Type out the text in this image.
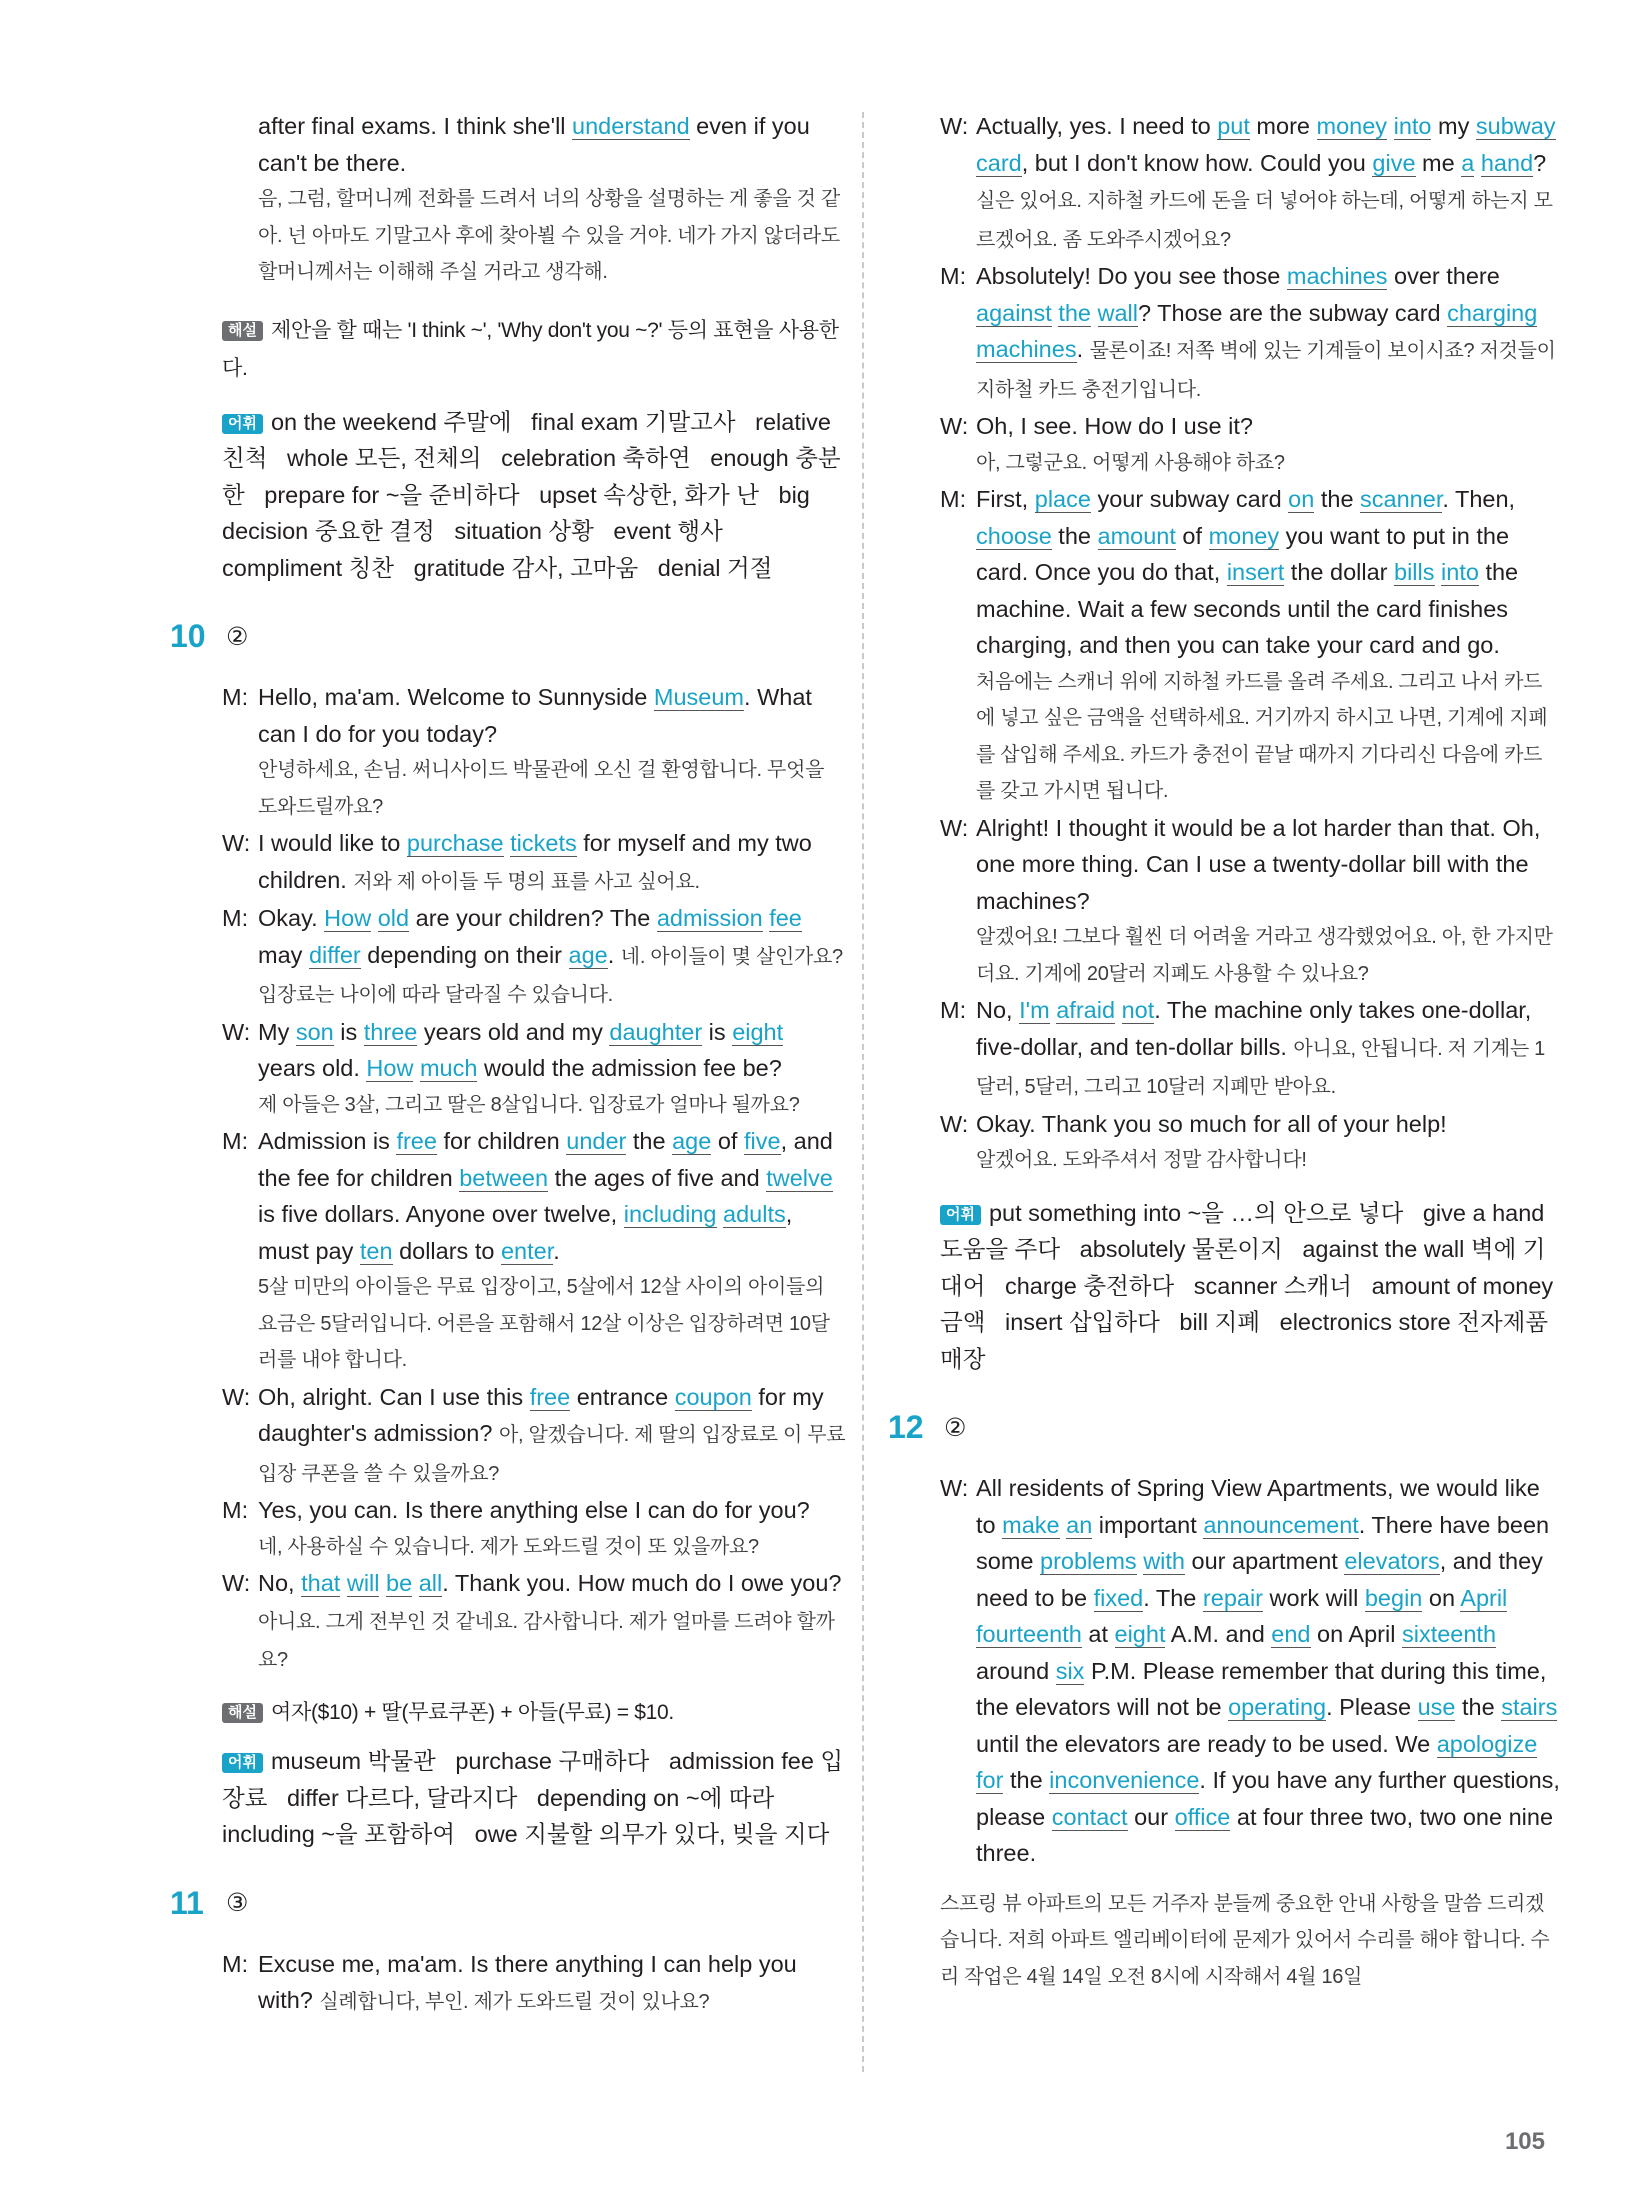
after final exams. I think she'll understand even if you can't be there.
음, 그럼, 할머니께 전화를 드려서 너의 상황을 설명하는 게 좋을 것 같아. 넌 아마도 기말고사 후에 찾아뵐 수 있을 거야. 네가 가지 않더라도 할머니께서는 이해해 주실 거라고 생각해.
해설 제안을 할 때는 'I think ~', 'Why don't you ~?' 등의 표현을 사용한다.
어휘 on the weekend 주말에   final exam 기말고사   relative 친척   whole 모든, 전체의   celebration 축하연   enough 충분한   prepare for ~을 준비하다   upset 속상한, 화가 난   big decision 중요한 결정   situation 상황   event 행사   compliment 칭찬   gratitude 감사, 고마움   denial 거절
10 ②
M: Hello, ma'am. Welcome to Sunnyside Museum. What can I do for you today?
안녕하세요, 손님. 써니사이드 박물관에 오신 걸 환영합니다. 무엇을 도와드릴까요?
W: I would like to purchase tickets for myself and my two children. 저와 제 아이들 두 명의 표를 사고 싶어요.
M: Okay. How old are your children? The admission fee may differ depending on their age. 네. 아이들이 몇 살인가요? 입장료는 나이에 따라 달라질 수 있습니다.
W: My son is three years old and my daughter is eight years old. How much would the admission fee be?
제 아들은 3살, 그리고 딸은 8살입니다. 입장료가 얼마나 될까요?
M: Admission is free for children under the age of five, and the fee for children between the ages of five and twelve is five dollars. Anyone over twelve, including adults, must pay ten dollars to enter.
5살 미만의 아이들은 무료 입장이고, 5살에서 12살 사이의 아이들의 요금은 5달러입니다. 어른을 포함해서 12살 이상은 입장하려면 10달러를 내야 합니다.
W: Oh, alright. Can I use this free entrance coupon for my daughter's admission? 아, 알겠습니다. 제 딸의 입장료로 이 무료 입장 쿠폰을 쓸 수 있을까요?
M: Yes, you can. Is there anything else I can do for you?
네, 사용하실 수 있습니다. 제가 도와드릴 것이 또 있을까요?
W: No, that will be all. Thank you. How much do I owe you? 아니요. 그게 전부인 것 같네요. 감사합니다. 제가 얼마를 드려야 할까요?
해설 여자($10) + 딸(무료쿠폰) + 아들(무료) = $10.
어휘 museum 박물관   purchase 구매하다   admission fee 입장료   differ 다르다, 달라지다   depending on ~에 따라   including ~을 포함하여   owe 지불할 의무가 있다, 빚을 지다
11 ③
M: Excuse me, ma'am. Is there anything I can help you with? 실례합니다, 부인. 제가 도와드릴 것이 있나요?
W: Actually, yes. I need to put more money into my subway card, but I don't know how. Could you give me a hand? 실은 있어요. 지하철 카드에 돈을 더 넣어야 하는데, 어떻게 하는지 모르겠어요. 좀 도와주시겠어요?
M: Absolutely! Do you see those machines over there against the wall? Those are the subway card charging machines. 물론이죠! 저쪽 벽에 있는 기계들이 보이시죠? 저것들이 지하철 카드 충전기입니다.
W: Oh, I see. How do I use it?
아, 그렇군요. 어떻게 사용해야 하죠?
M: First, place your subway card on the scanner. Then, choose the amount of money you want to put in the card. Once you do that, insert the dollar bills into the machine. Wait a few seconds until the card finishes charging, and then you can take your card and go.
처음에는 스캐너 위에 지하철 카드를 올려 주세요. 그리고 나서 카드에 넣고 싶은 금액을 선택하세요. 거기까지 하시고 나면, 기계에 지폐를 삽입해 주세요. 카드가 충전이 끝날 때까지 기다리신 다음에 카드를 갖고 가시면 됩니다.
W: Alright! I thought it would be a lot harder than that. Oh, one more thing. Can I use a twenty-dollar bill with the machines?
알겠어요! 그보다 훨씬 더 어려울 거라고 생각했었어요. 아, 한 가지만 더요. 기계에 20달러 지폐도 사용할 수 있나요?
M: No, I'm afraid not. The machine only takes one-dollar, five-dollar, and ten-dollar bills. 아니요, 안됩니다. 저 기계는 1달러, 5달러, 그리고 10달러 지폐만 받아요.
W: Okay. Thank you so much for all of your help!
알겠어요. 도와주셔서 정말 감사합니다!
어휘 put something into ~을 …의 안으로 넣다   give a hand 도움을 주다   absolutely 물론이지   against the wall 벽에 기대어   charge 충전하다   scanner 스캐너   amount of money 금액   insert 삽입하다   bill 지폐   electronics store 전자제품 매장
12 ②
W: All residents of Spring View Apartments, we would like to make an important announcement. There have been some problems with our apartment elevators, and they need to be fixed. The repair work will begin on April fourteenth at eight A.M. and end on April sixteenth around six P.M. Please remember that during this time, the elevators will not be operating. Please use the stairs until the elevators are ready to be used. We apologize for the inconvenience. If you have any further questions, please contact our office at four three two, two one nine three.
스프링 뷰 아파트의 모든 거주자 분들께 중요한 안내 사항을 말씀 드리겠습니다. 저희 아파트 엘리베이터에 문제가 있어서 수리를 해야 합니다. 수리 작업은 4월 14일 오전 8시에 시작해서 4월 16일
105
